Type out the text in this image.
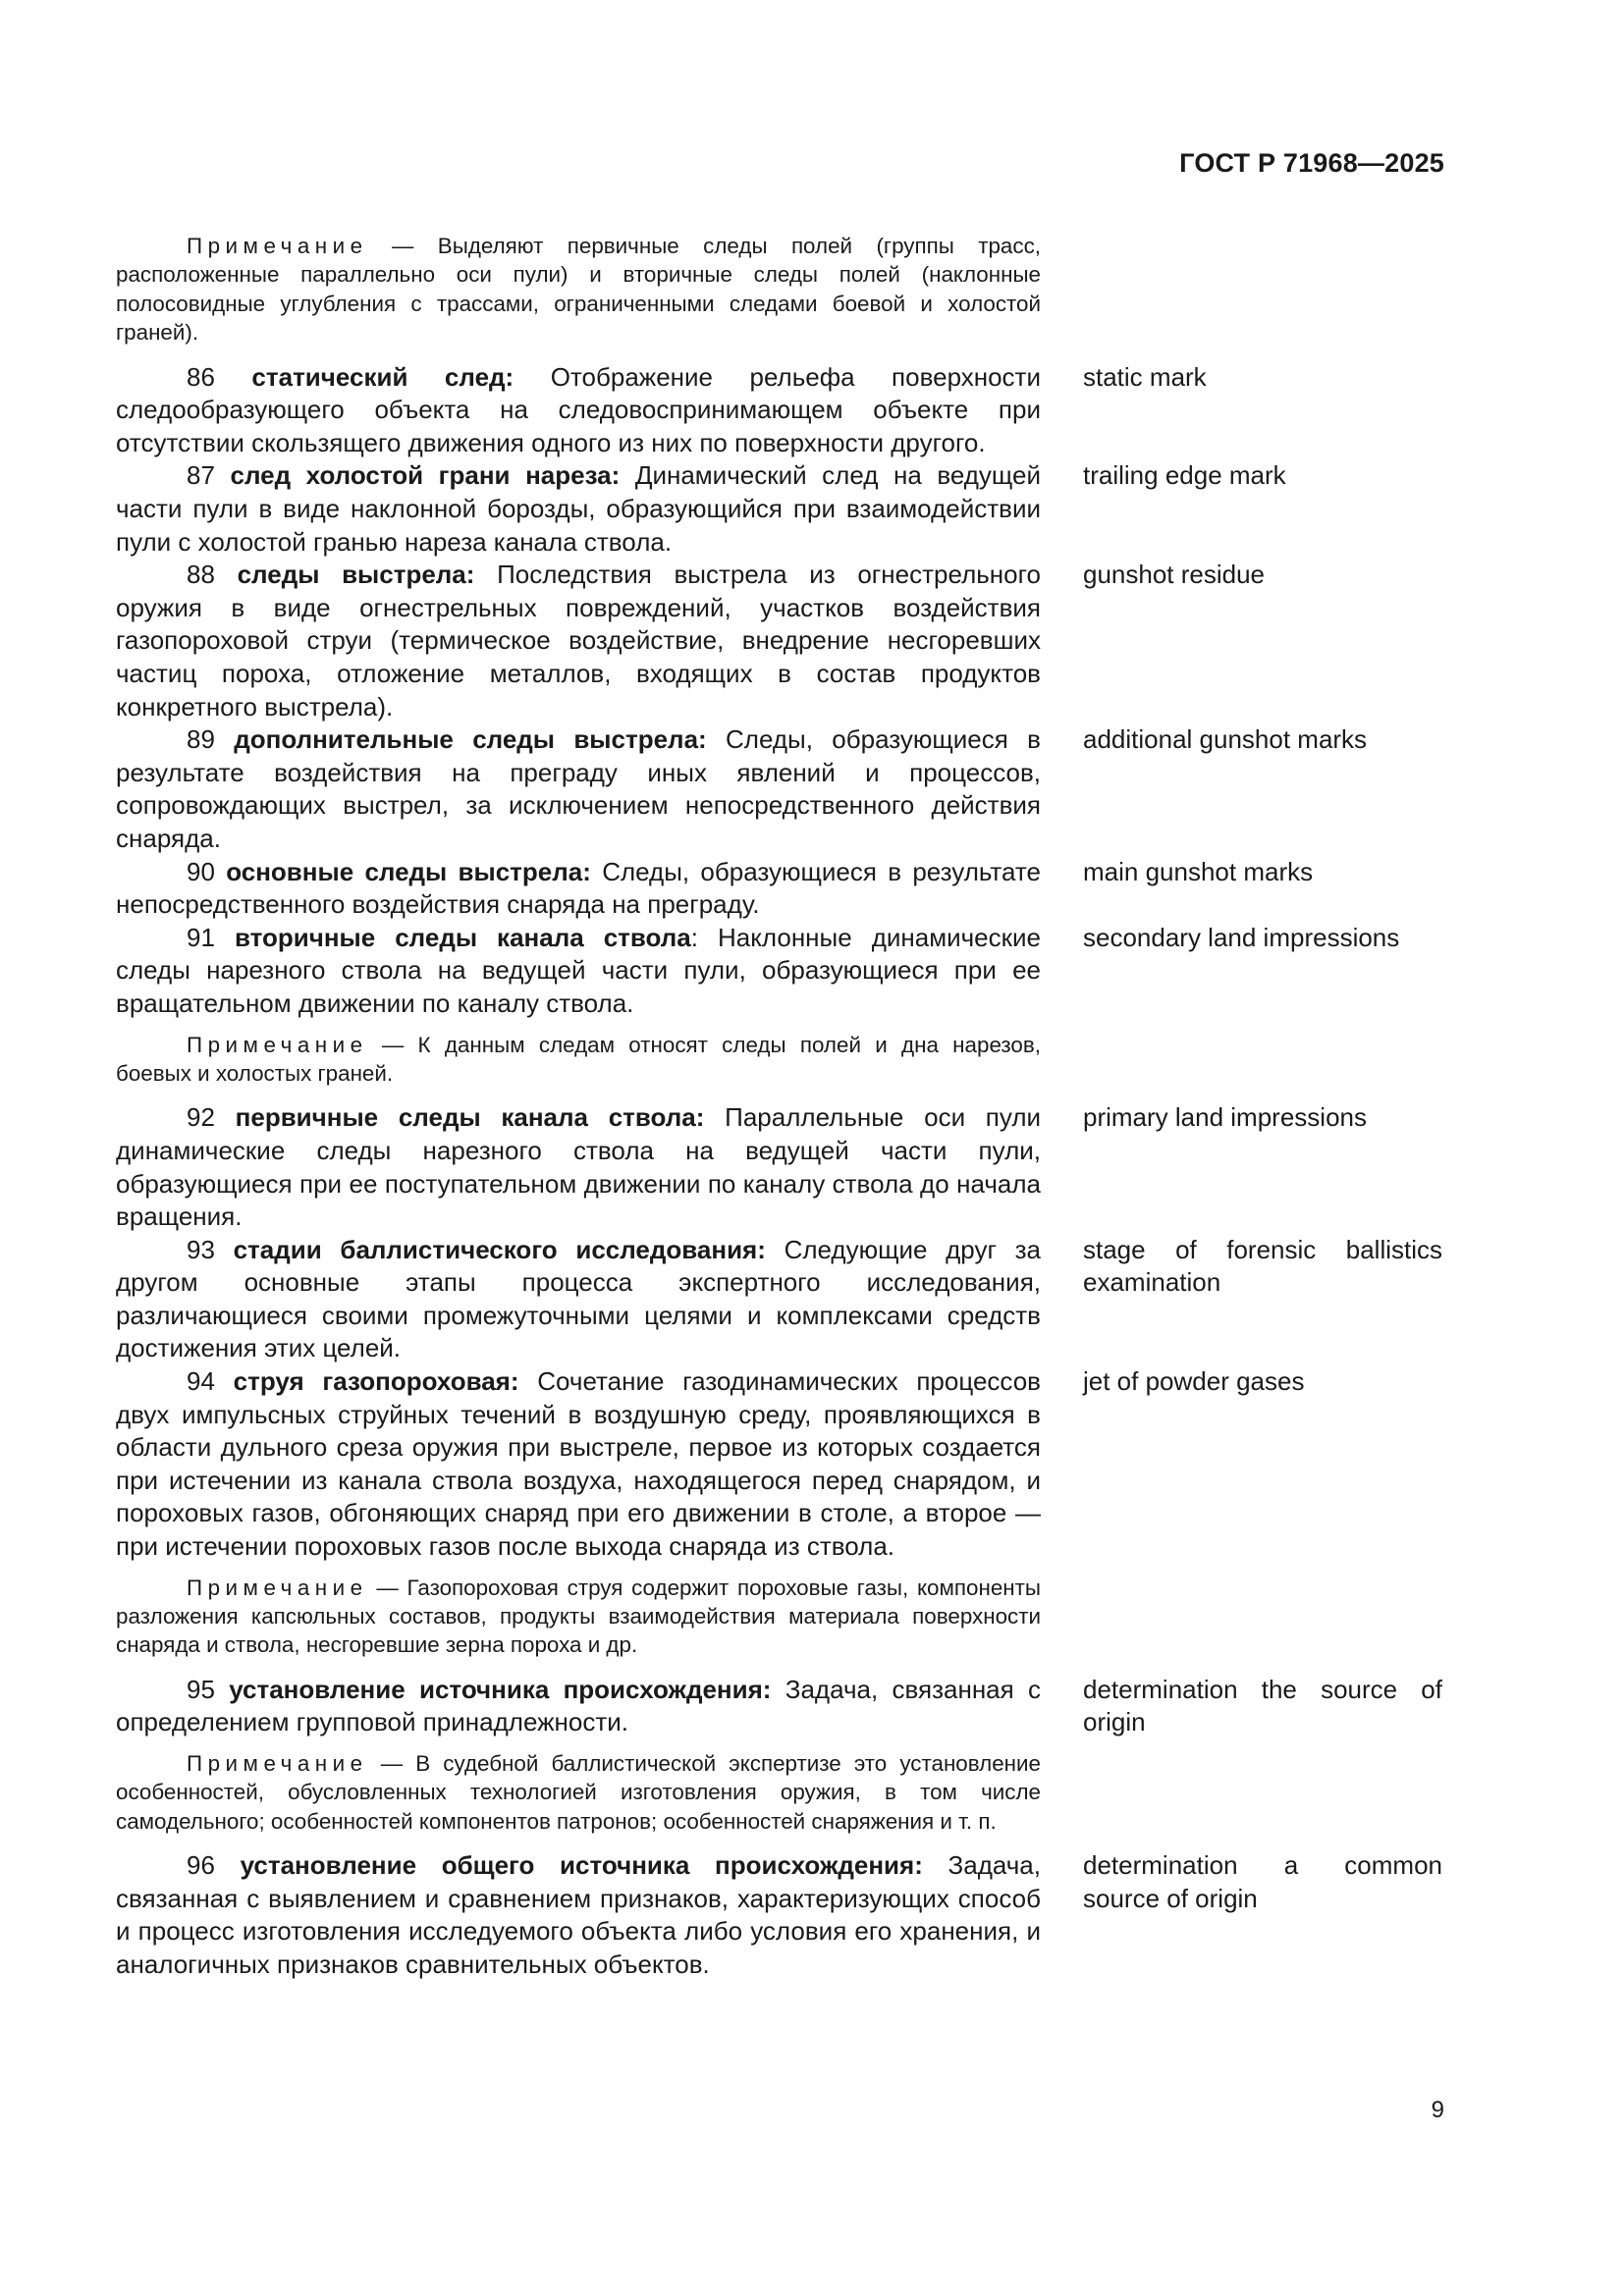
ГОСТ Р 71968—2025
Примечание — Выделяют первичные следы полей (группы трасс, расположенные параллельно оси пули) и вторичные следы полей (наклонные полосовидные углубления с трассами, ограниченными следами боевой и холостой граней).
86 статический след: Отображение рельефа поверхности следообразующего объекта на следовоспринимающем объекте при отсутствии скользящего движения одного из них по поверхности другого.
static mark
87 след холостой грани нареза: Динамический след на ведущей части пули в виде наклонной борозды, образующийся при взаимодействии пули с холостой гранью нареза канала ствола.
trailing edge mark
88 следы выстрела: Последствия выстрела из огнестрельного оружия в виде огнестрельных повреждений, участков воздействия газопороховой струи (термическое воздействие, внедрение несгоревших частиц пороха, отложение металлов, входящих в состав продуктов конкретного выстрела).
gunshot residue
89 дополнительные следы выстрела: Следы, образующиеся в результате воздействия на преграду иных явлений и процессов, сопровождающих выстрел, за исключением непосредственного действия снаряда.
additional gunshot marks
90 основные следы выстрела: Следы, образующиеся в результате непосредственного воздействия снаряда на преграду.
main gunshot marks
91 вторичные следы канала ствола: Наклонные динамические следы нарезного ствола на ведущей части пули, образующиеся при ее вращательном движении по каналу ствола.
secondary land impressions
Примечание — К данным следам относят следы полей и дна нарезов, боевых и холостых граней.
92 первичные следы канала ствола: Параллельные оси пули динамические следы нарезного ствола на ведущей части пули, образующиеся при ее поступательном движении по каналу ствола до начала вращения.
primary land impressions
93 стадии баллистического исследования: Следующие друг за другом основные этапы процесса экспертного исследования, различающиеся своими промежуточными целями и комплексами средств достижения этих целей.
stage of forensic ballistics examination
94 струя газопороховая: Сочетание газодинамических процессов двух импульсных струйных течений в воздушную среду, проявляющихся в области дульного среза оружия при выстреле, первое из которых создается при истечении из канала ствола воздуха, находящегося перед снарядом, и пороховых газов, обгоняющих снаряд при его движении в столе, а второе — при истечении пороховых газов после выхода снаряда из ствола.
jet of powder gases
Примечание — Газопороховая струя содержит пороховые газы, компоненты разложения капсюльных составов, продукты взаимодействия материала поверхности снаряда и ствола, несгоревшие зерна пороха и др.
95 установление источника происхождения: Задача, связанная с определением групповой принадлежности.
determination the source of origin
Примечание — В судебной баллистической экспертизе это установление особенностей, обусловленных технологией изготовления оружия, в том числе самодельного; особенностей компонентов патронов; особенностей снаряжения и т. п.
96 установление общего источника происхождения: Задача, связанная с выявлением и сравнением признаков, характеризующих способ и процесс изготовления исследуемого объекта либо условия его хранения, и аналогичных признаков сравнительных объектов.
determination a common source of origin
9
